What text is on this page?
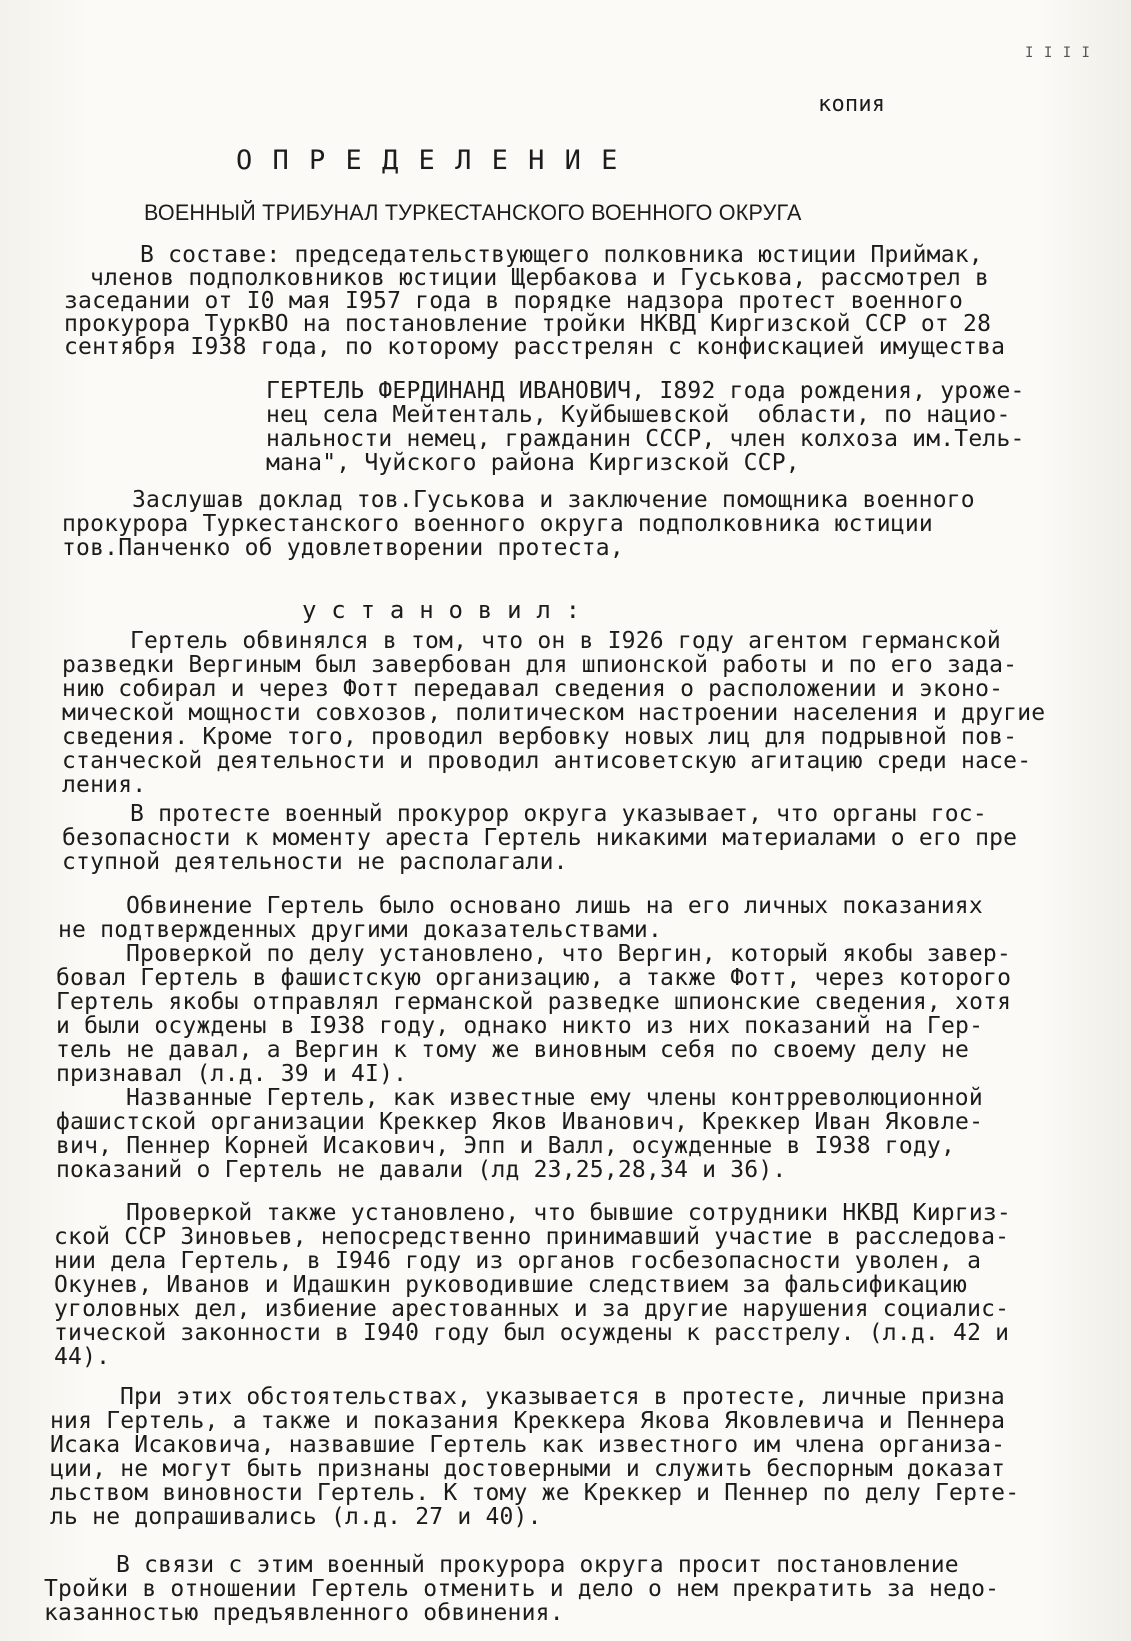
I I I I
копия
О П Р Е Д Е Л Е Н И Е
ВОЕННЫЙ ТРИБУНАЛ ТУРКЕСТАНСКОГО ВОЕННОГО ОКРУГА
В составе: председательствующего полковника юстиции Приймак,
членов подполковников юстиции Щербакова и Гуськова, рассмотрел в
заседании от I0 мая I957 года в порядке надзора протест военного
прокурора ТуркВО на постановление тройки НКВД Киргизской ССР от 28
сентября I938 года, по которому расстрелян с конфискацией имущества
ГЕРТЕЛЬ ФЕРДИНАНД ИВАНОВИЧ, I892 года рождения, уроже-
нец села Мейтенталь, Куйбышевской  области, по нацио-
нальности немец, гражданин СССР, член колхоза им.Тель-
мана", Чуйского района Киргизской ССР,
Заслушав доклад тов.Гуськова и заключение помощника военного
прокурора Туркестанского военного округа подполковника юстиции
тов.Панченко об удовлетворении протеста,
у с т а н о в и л :
Гертель обвинялся в том, что он в I926 году агентом германской
разведки Вергиным был завербован для шпионской работы и по его зада-
нию собирал и через Фотт передавал сведения о расположении и эконо-
мической мощности совхозов, политическом настроении населения и другие
сведения. Кроме того, проводил вербовку новых лиц для подрывной пов-
станческой деятельности и проводил антисоветскую агитацию среди насе-
ления.
В протесте военный прокурор округа указывает, что органы гос-
безопасности к моменту ареста Гертель никакими материалами о его пре
ступной деятельности не располагали.
Обвинение Гертель было основано лишь на его личных показаниях
не подтвержденных другими доказательствами.
Проверкой по делу установлено, что Вергин, который якобы завер-
бовал Гертель в фашистскую организацию, а также Фотт, через которого
Гертель якобы отправлял германской разведке шпионские сведения, хотя
и были осуждены в I938 году, однако никто из них показаний на Гер-
тель не давал, а Вергин к тому же виновным себя по своему делу не
признавал (л.д. 39 и 4I).
Названные Гертель, как известные ему члены контрреволюционной
фашистской организации Креккер Яков Иванович, Креккер Иван Яковле-
вич, Пеннер Корней Исакович, Эпп и Валл, осужденные в I938 году,
показаний о Гертель не давали (лд 23,25,28,34 и 36).
Проверкой также установлено, что бывшие сотрудники НКВД Киргиз-
ской ССР Зиновьев, непосредственно принимавший участие в расследова-
нии дела Гертель, в I946 году из органов госбезопасности уволен, а
Окунев, Иванов и Идашкин руководившие следствием за фальсификацию
уголовных дел, избиение арестованных и за другие нарушения социалис-
тической законности в I940 году был осуждены к расстрелу. (л.д. 42 и
44).
При этих обстоятельствах, указывается в протесте, личные призна
ния Гертель, а также и показания Креккера Якова Яковлевича и Пеннера
Исака Исаковича, назвавшие Гертель как известного им члена организа-
ции, не могут быть признаны достоверными и служить беспорным доказат
льством виновности Гертель. К тому же Креккер и Пеннер по делу Герте-
ль не допрашивались (л.д. 27 и 40).
В связи с этим военный прокурора округа просит постановление
Тройки в отношении Гертель отменить и дело о нем прекратить за недо-
казанностью предъявленного обвинения.
